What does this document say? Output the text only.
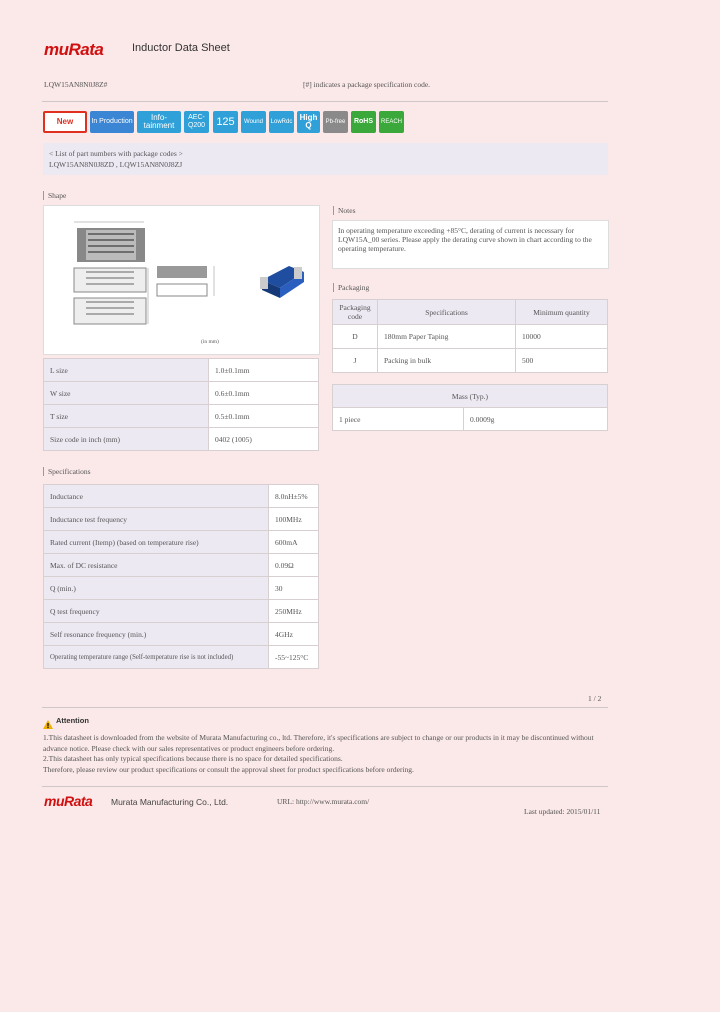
muRata	Inductor Data Sheet
LQW15AN8N0J8Z#	[#] indicates a package specification code.
New	In Production	Info-tainment
AEC-Q200	125	Wound	LowRdc High Q	Pb-free	RoHS	REACH
< List of part numbers with package codes >
LQW15AN8N0J8ZD , LQW15AN8N0J8ZJ
Shape
(in mm)
L size	1.0±0.1mm
W size	0.6±0.1mm
T size	0.5±0.1mm
Size code in inch (mm)	0402 (1005)
Notes
In operating temperature exceeding +85°C, derating of current is necessary for LQW15A_00 series. Please apply the derating curve shown in chart according to the operating temperature.
Packaging
Packaging code	Specifications	Minimum quantity
D	180mm Paper Taping	10000
J	Packing in bulk	500
Mass (Typ.)
1 piece	0.0009g
Specifications
Inductance	8.0nH±5%
Inductance test frequency	100MHz
Rated current (Itemp) (based on temperature rise)	600mA
Max. of DC resistance	0.09Ω
Q (min.)	30
Q test frequency	250MHz
Self resonance frequency (min.)	4GHz
Operating temperature range (Self-temperature rise is not included)	-55~125°C
1 / 2
Attention
1.This datasheet is downloaded from the website of Murata Manufacturing co., ltd. Therefore, it's specifications are subject to change or our products in it may be discontinued without advance notice. Please check with our sales representatives or product engineers before ordering.
2.This datasheet has only typical specifications because there is no space for detailed specifications.
Therefore, please review our product specifications or consult the approval sheet for product specifications before ordering.
muRata Murata Manufacturing Co., Ltd.	URL: http://www.murata.com/
Last updated: 2015/01/11
